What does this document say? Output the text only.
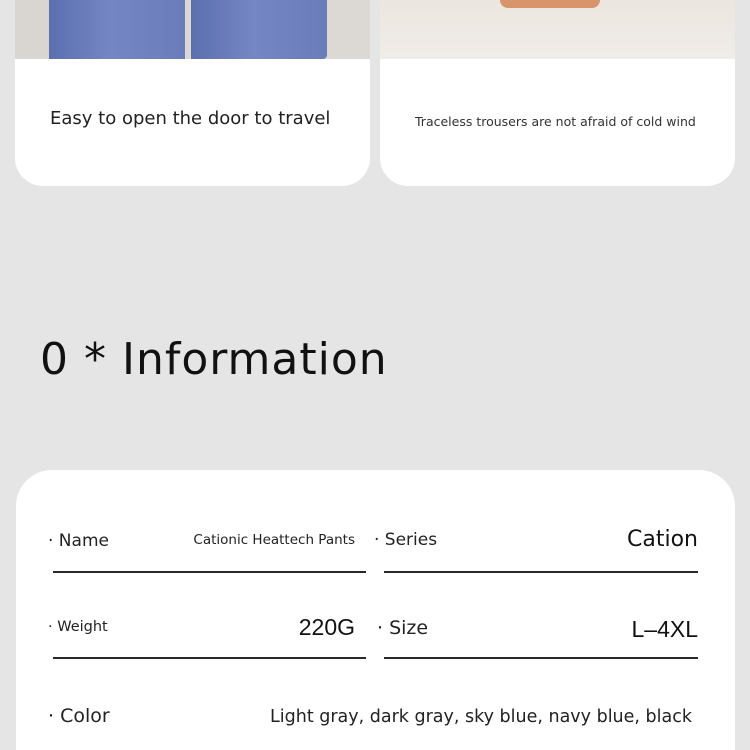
Easy to open the door to travel	Traceless trousers are not afraid of cold wind
0 * Information
· Name	Cationic Heattech Pants · Series	Cation
· Weight	220G · Size	L–4XL
· Color	Light gray, dark gray, sky blue, navy blue, black
